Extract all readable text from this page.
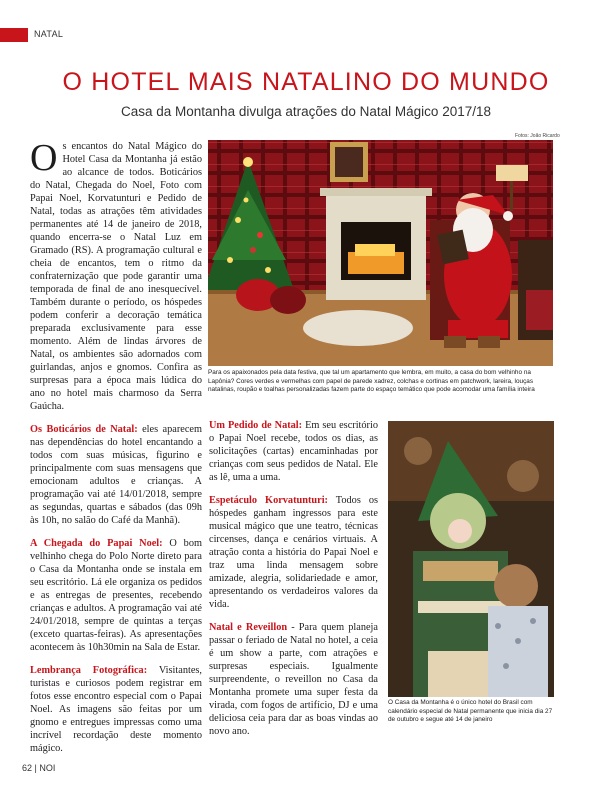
NATAL
O HOTEL MAIS NATALINO DO MUNDO

Casa da Montanha divulga atrações do Natal Mágico 2017/18

Os encantos do Natal Mágico do Hotel Casa da Montanha já estão ao alcance de todos. Boticários do Natal, Chegada do Noel, Foto com Papai Noel, Korvatunturi e Pedido de Natal, todas as atrações têm atividades permanentes até 14 de janeiro de 2018, quando encerra-se o Natal Luz em Gramado (RS). A programação cultural e cheia de encantos, tem o ritmo da confraternização que pode garantir uma temporada de final de ano inesquecível. Também durante o período, os hóspedes podem conferir a decoração temática preparada exclusivamente para esse momento. Além de lindas árvores de Natal, os ambientes são adornados com guirlandas, anjos e gnomos. Confira as surpresas para a época mais lúdica do ano no hotel mais charmoso da Serra Gaúcha.

Os Boticários de Natal: eles aparecem nas dependências do hotel encantando a todos com suas músicas, figurino e principalmente com suas mensagens que emocionam adultos e crianças. A programação vai até 14/01/2018, sempre as segundas, quartas e sábados (das 09h às 10h, no salão do Café da Manhã).

A Chegada do Papai Noel: O bom velhinho chega do Polo Norte direto para o Casa da Montanha onde se instala em seu escritório. Lá ele organiza os pedidos e as entregas de presentes, recebendo crianças e adultos. A programação vai até 24/01/2018, sempre de quintas a terças (exceto quartas-feiras). As apresentações acontecem às 10h30min na Sala de Estar.

Lembrança Fotográfica: Visitantes, turistas e curiosos podem registrar em fotos esse encontro especial com o Papai Noel. As imagens são feitas por um gnomo e entregues impressas como uma incrível recordação deste momento mágico.

Fotos: João Ricardo
Para os apaixonados pela data festiva, que tal um apartamento que lembra, em muito, a casa do bom velhinho na Lapônia? Cores verdes e vermelhas com papel de parede xadrez, colchas e cortinas em patchwork, lareira, louças natalinas, roupão e toalhas personalizadas fazem parte do espaço temático que pode acomodar uma família inteira

Um Pedido de Natal: Em seu escritório o Papai Noel recebe, todos os dias, as solicitações (cartas) encaminhadas por crianças com seus pedidos de Natal. Ele as lê, uma a uma.

Espetáculo Korvatunturi: Todos os hóspedes ganham ingressos para este musical mágico que une teatro, técnicas circenses, dança e cenários virtuais. A atração conta a história do Papai Noel e traz uma linda mensagem sobre amizade, alegria, solidariedade e amor, apresentando os verdadeiros valores da vida.

Natal e Reveillon - Para quem planeja passar o feriado de Natal no hotel, a ceia é um show a parte, com atrações e surpresas especiais. Igualmente surpreendente, o reveillon no Casa da Montanha promete uma super festa da virada, com fogos de artifício, DJ e uma deliciosa ceia para dar as boas vindas ao novo ano.

O Casa da Montanha é o único hotel do Brasil com calendário especial de Natal permanente que inicia dia 27 de outubro e segue até 14 de janeiro
62 | NOI
